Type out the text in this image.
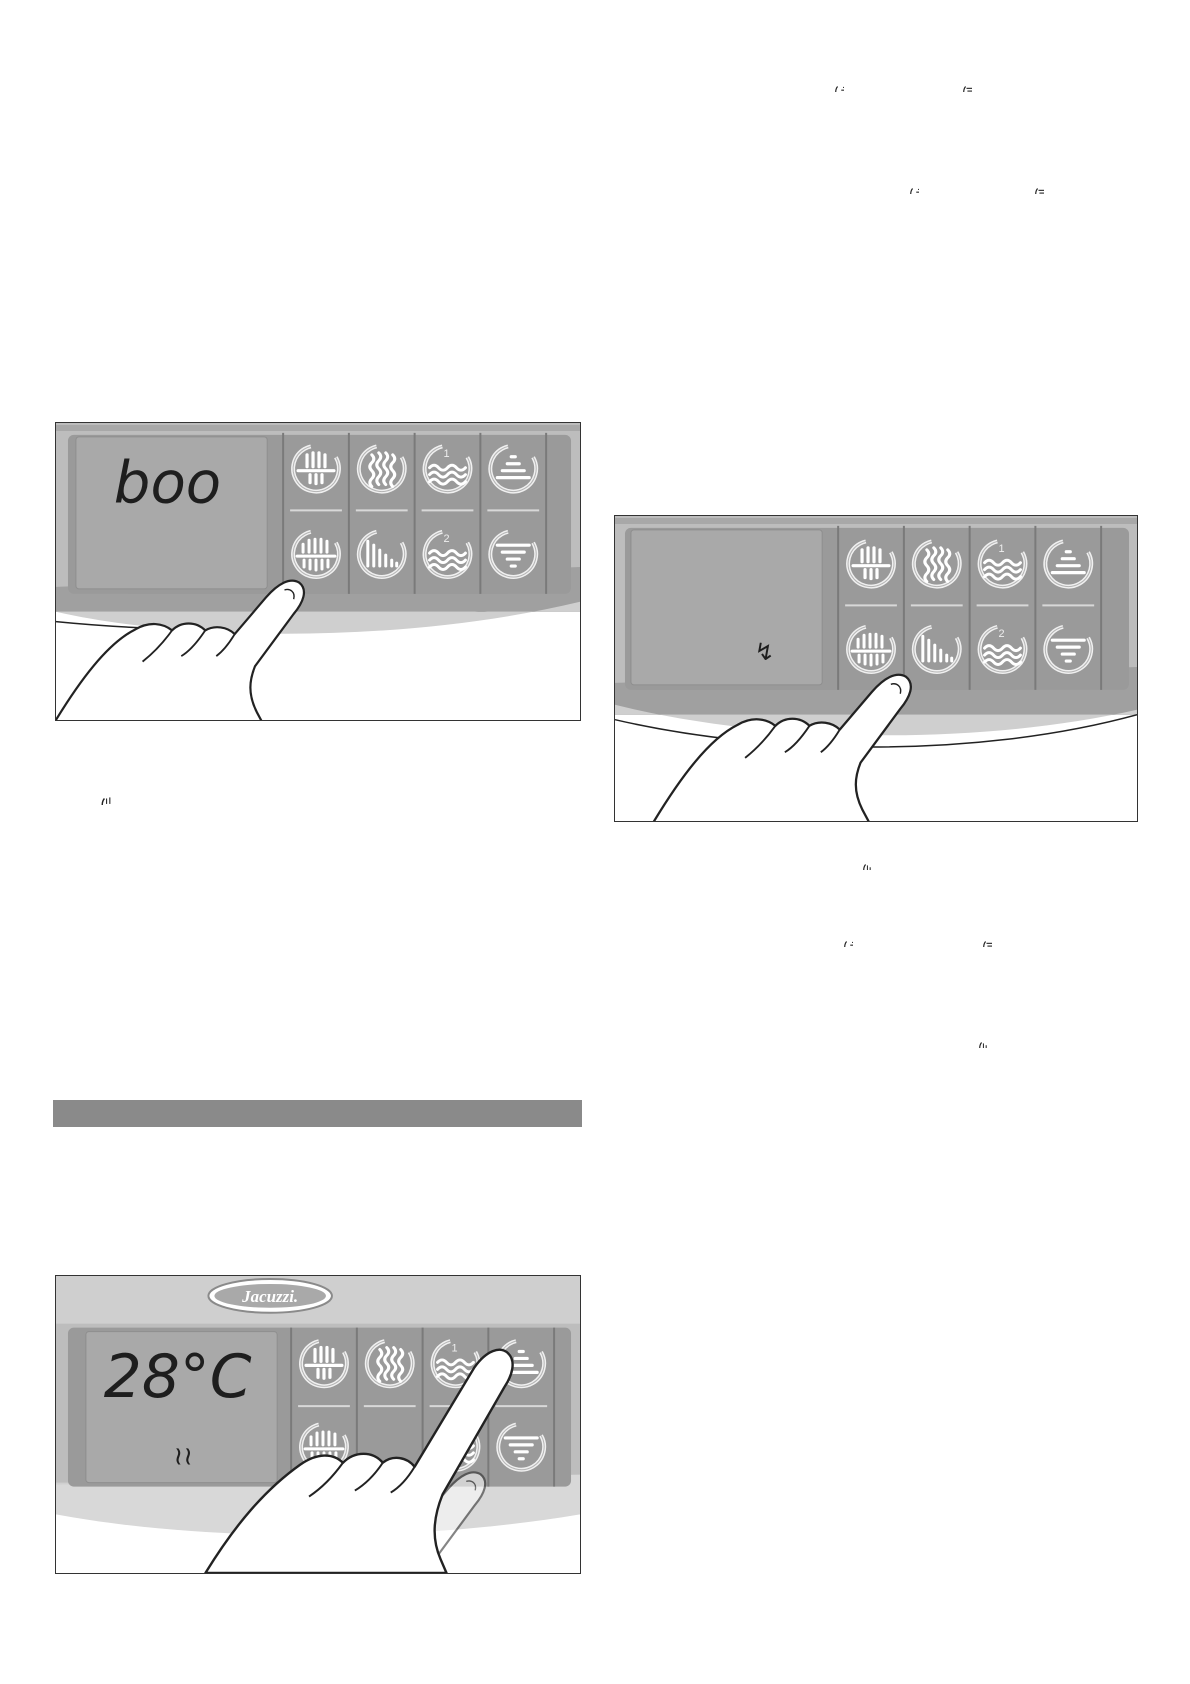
boo	1
2
↯
1
2
Jacuzzi.
28°C
≀≀
1
